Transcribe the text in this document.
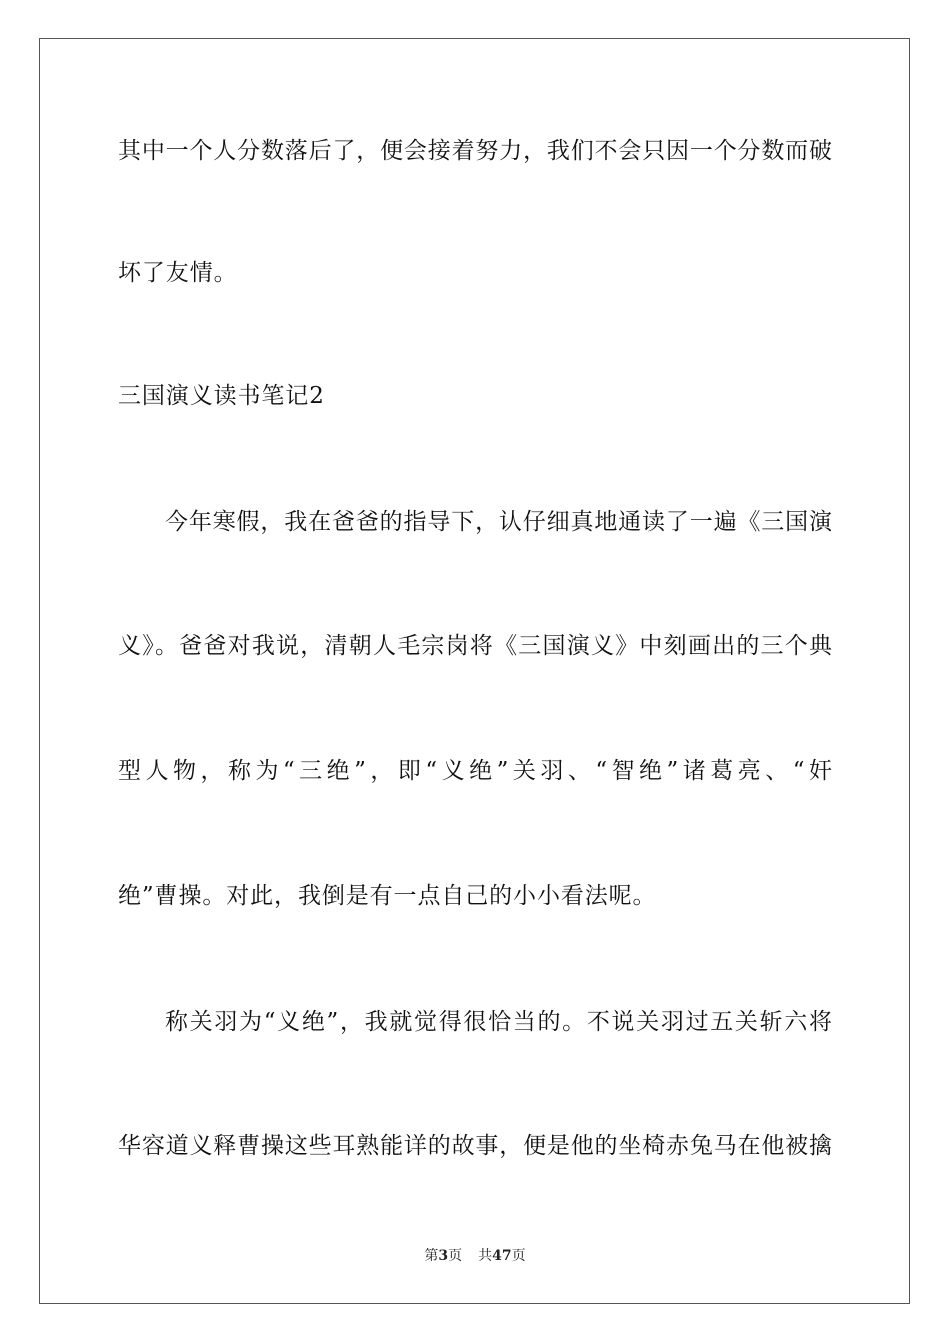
其中一个人分数落后了，便会接着努力，我们不会只因一个分数而破
坏了友情。
三国演义读书笔记2
今年寒假，我在爸爸的指导下，认仔细真地通读了一遍《三国演
义》。爸爸对我说，清朝人毛宗岗将《三国演义》中刻画出的三个典
型人物，称为“三绝”，即“义绝”关羽、“智绝”诸葛亮、“奸
绝”曹操。对此，我倒是有一点自己的小小看法呢。
称关羽为“义绝”，我就觉得很恰当的。不说关羽过五关斩六将
华容道义释曹操这些耳熟能详的故事，便是他的坐椅赤兔马在他被擒
第3页 共47页
